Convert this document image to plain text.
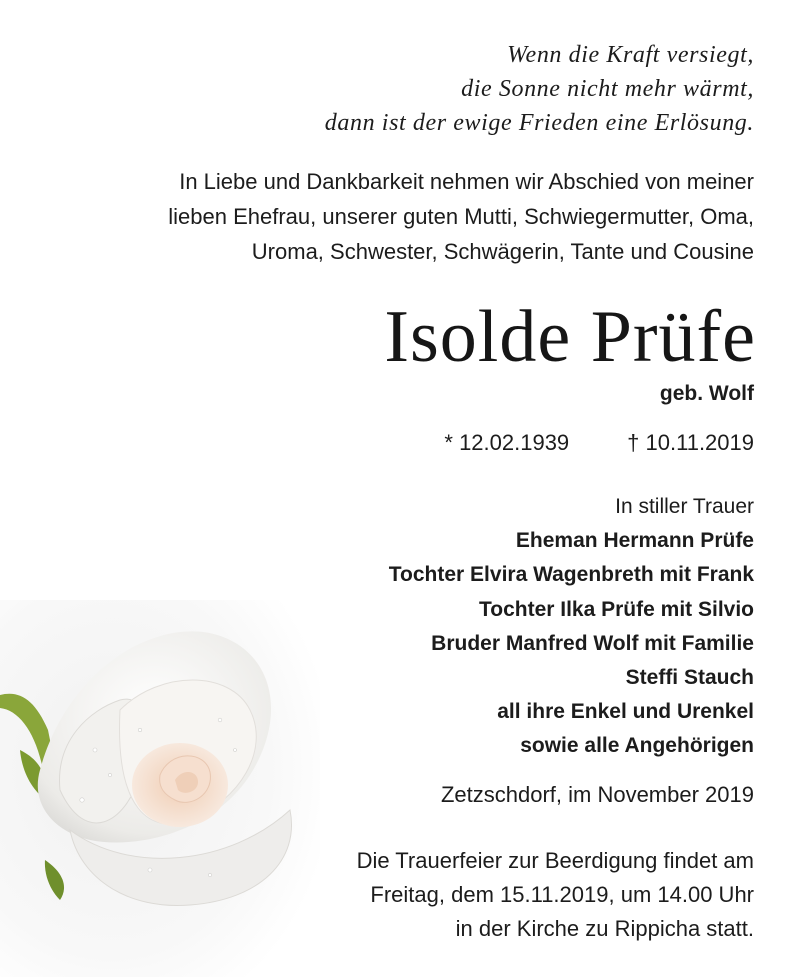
Wenn die Kraft versiegt,
die Sonne nicht mehr wärmt,
dann ist der ewige Frieden eine Erlösung.
In Liebe und Dankbarkeit nehmen wir Abschied von meiner
lieben Ehefrau, unserer guten Mutti, Schwiegermutter, Oma,
Uroma, Schwester, Schwägerin, Tante und Cousine
Isolde Prüfe
geb. Wolf
* 12.02.1939	† 10.11.2019
In stiller Trauer
Eheman Hermann Prüfe
Tochter Elvira Wagenbreth mit Frank
Tochter Ilka Prüfe mit Silvio
Bruder Manfred Wolf mit Familie
Steffi Stauch
all ihre Enkel und Urenkel
sowie alle Angehörigen
Zetzschdorf, im November 2019
Die Trauerfeier zur Beerdigung findet am
Freitag, dem 15.11.2019, um 14.00 Uhr
in der Kirche zu Rippicha statt.
